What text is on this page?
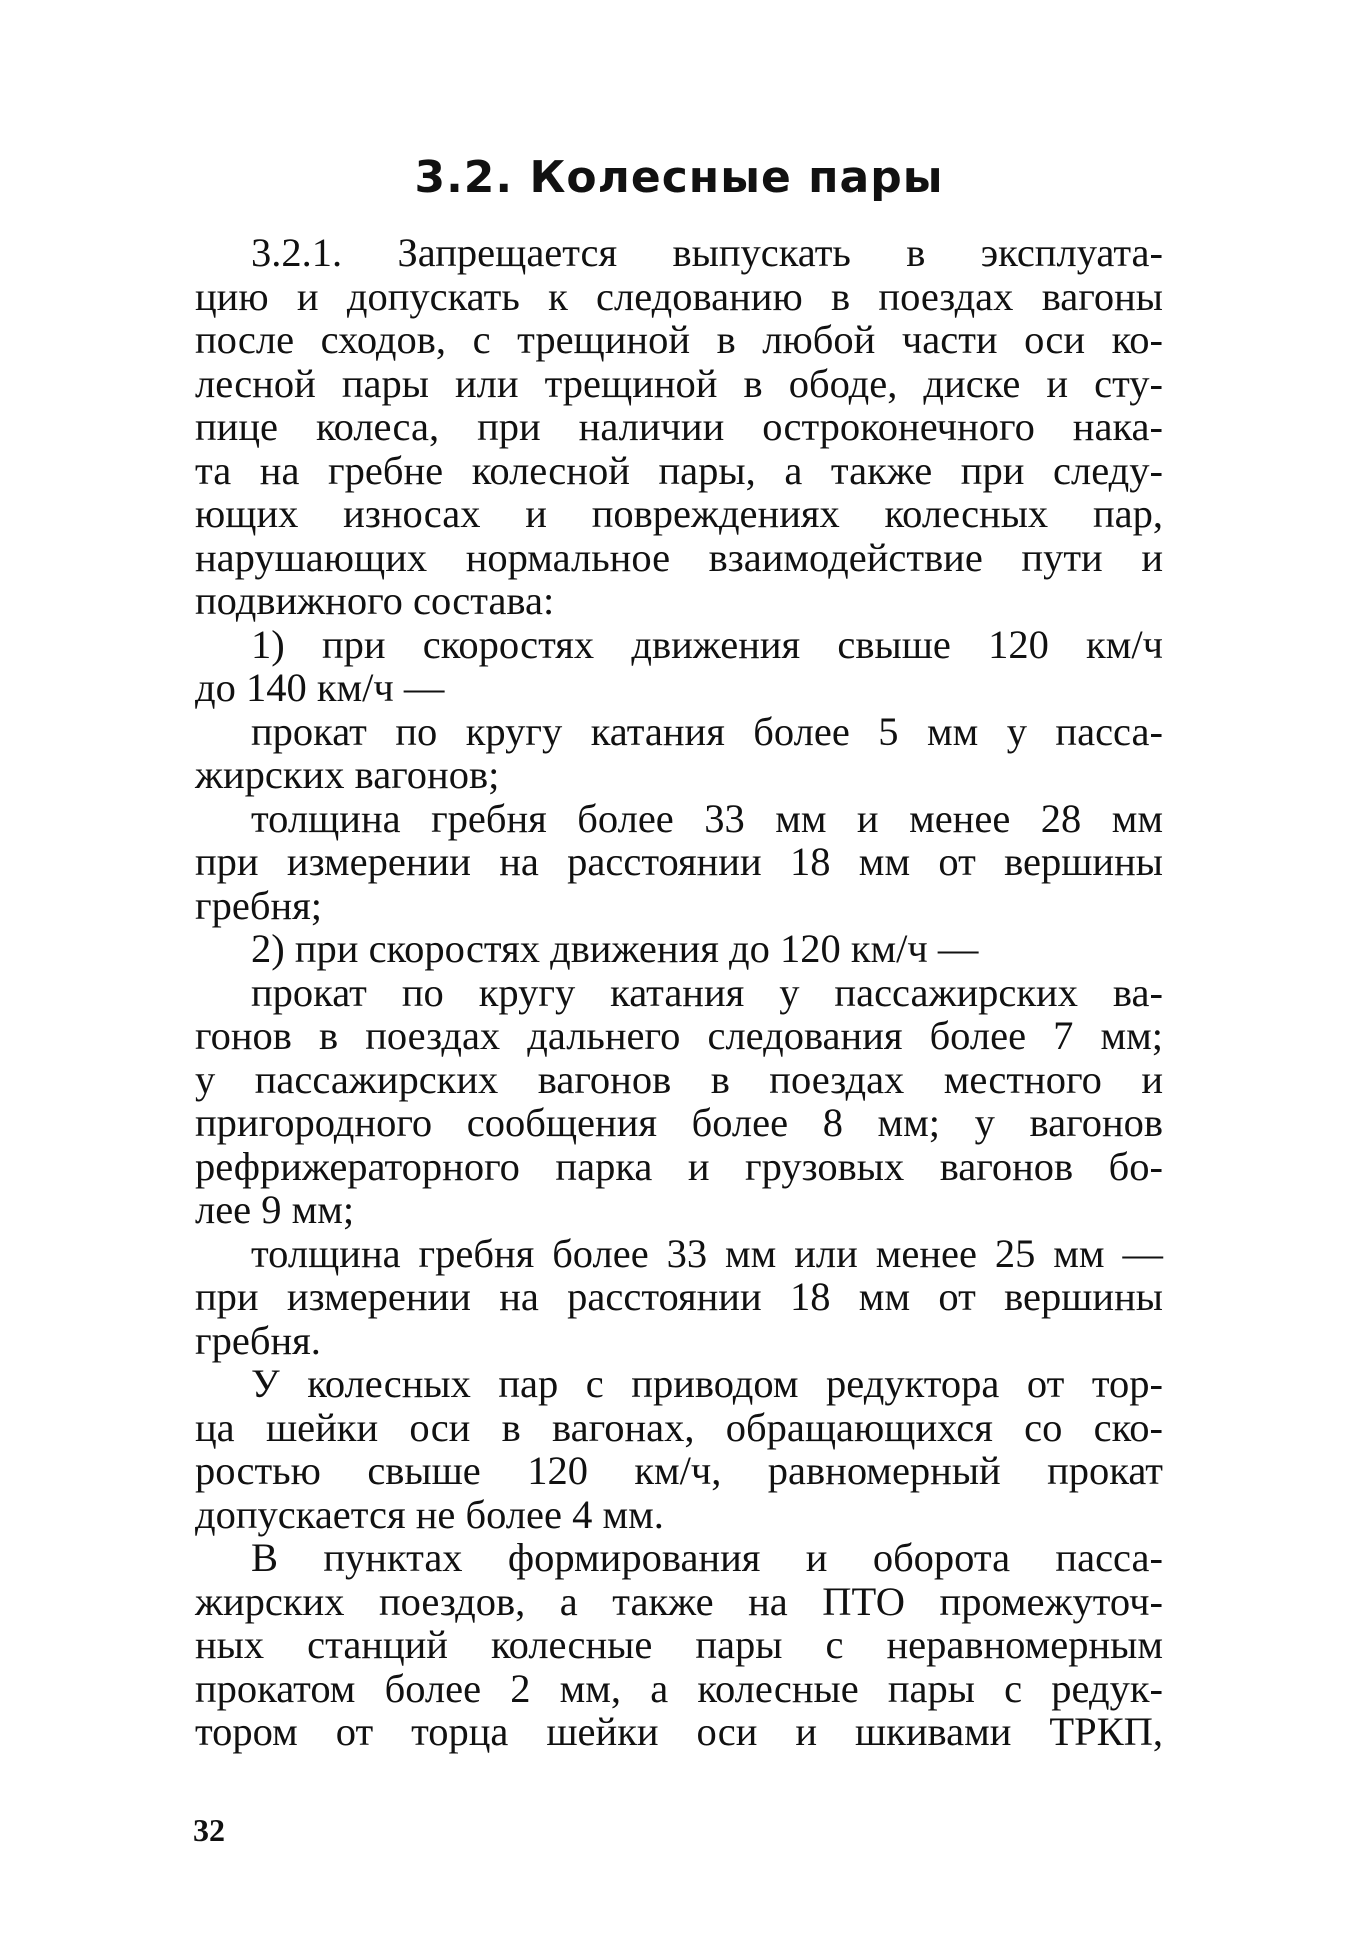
3.2. Колесные пары
3.2.1. Запрещается выпускать в эксплуата-
цию и допускать к следованию в поездах вагоны
после сходов, с трещиной в любой части оси ко-
лесной пары или трещиной в ободе, диске и сту-
пице колеса, при наличии остроконечного нака-
та на гребне колесной пары, а также при следу-
ющих износах и повреждениях колесных пар,
нарушающих нормальное взаимодействие пути и
подвижного состава:
1) при скоростях движения свыше 120 км/ч
до 140 км/ч —
прокат по кругу катания более 5 мм у пасса-
жирских вагонов;
толщина гребня более 33 мм и менее 28 мм
при измерении на расстоянии 18 мм от вершины
гребня;
2) при скоростях движения до 120 км/ч —
прокат по кругу катания у пассажирских ва-
гонов в поездах дальнего следования более 7 мм;
у пассажирских вагонов в поездах местного и
пригородного сообщения более 8 мм; у вагонов
рефрижераторного парка и грузовых вагонов бо-
лее 9 мм;
толщина гребня более 33 мм или менее 25 мм —
при измерении на расстоянии 18 мм от вершины
гребня.
У колесных пар с приводом редуктора от тор-
ца шейки оси в вагонах, обращающихся со ско-
ростью свыше 120 км/ч, равномерный прокат
допускается не более 4 мм.
В пунктах формирования и оборота пасса-
жирских поездов, а также на ПТО промежуточ-
ных станций колесные пары с неравномерным
прокатом более 2 мм, а колесные пары с редук-
тором от торца шейки оси и шкивами ТРКП,
32
